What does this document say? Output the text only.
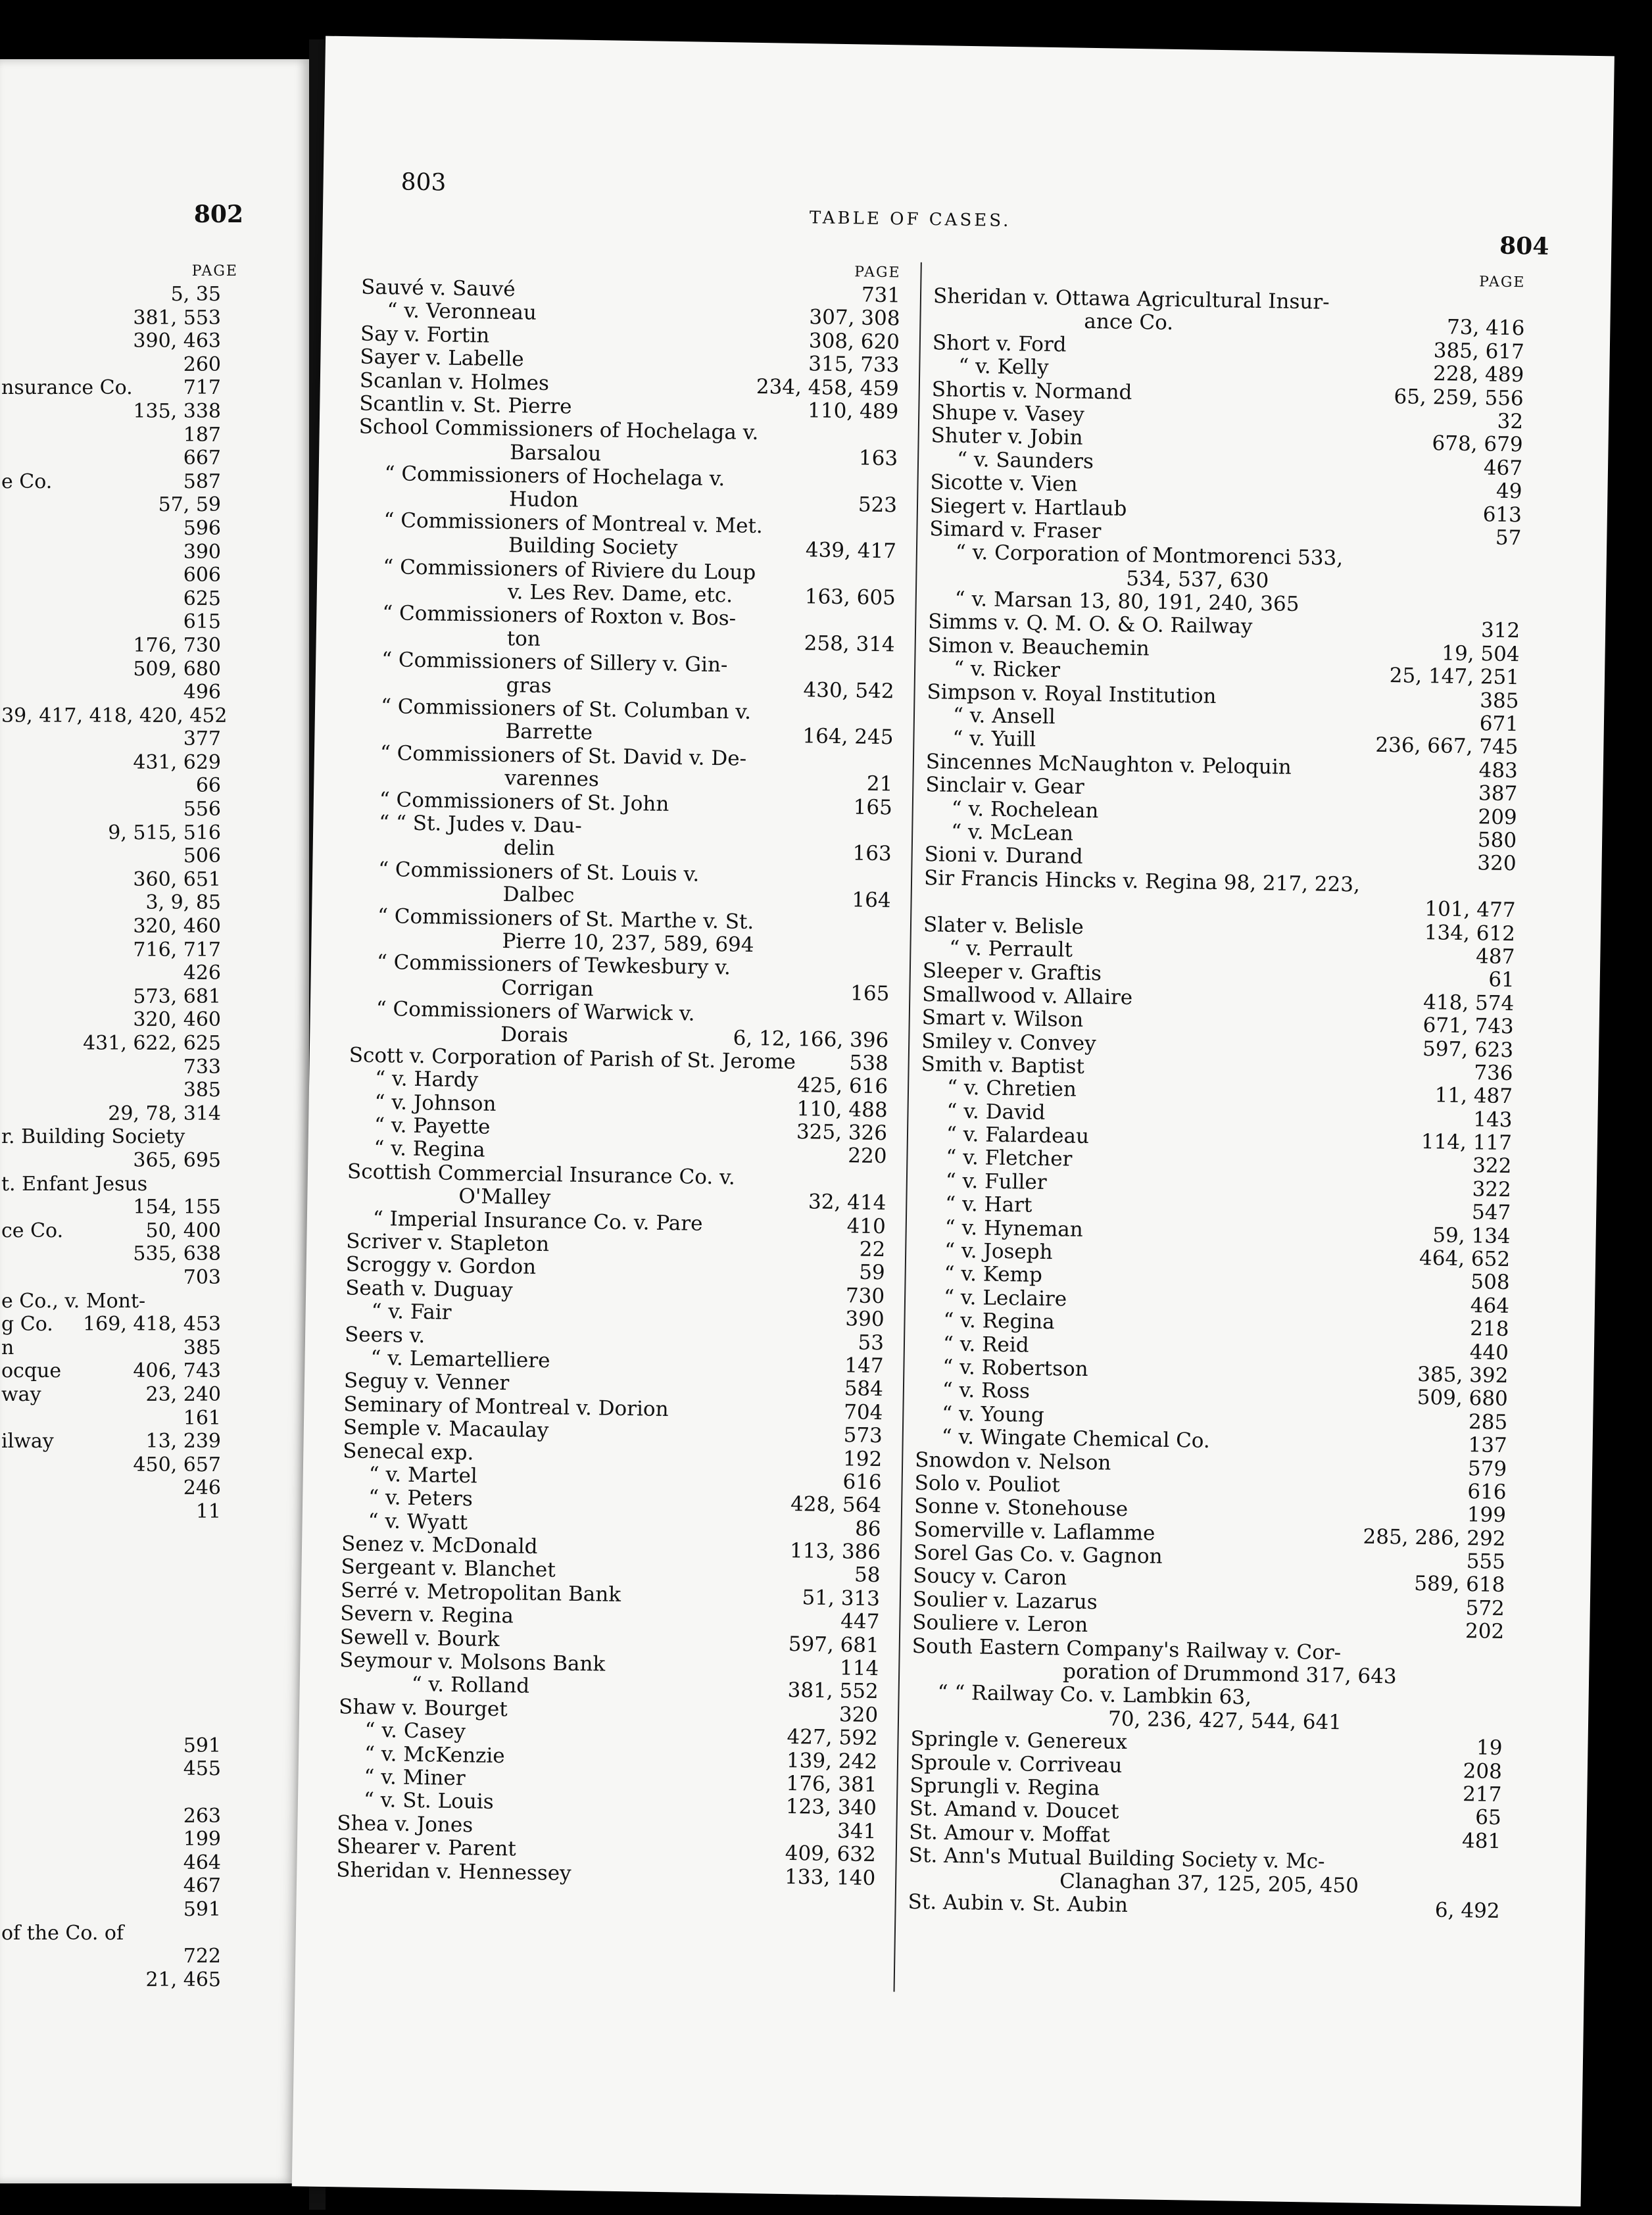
802
PAGE
5, 35
381, 553
390, 463
260
nsurance Co.	717
135, 338
187
667
e Co.	587
57, 59
596
390
606
625
615
176, 730
509, 680
496
39, 417, 418, 420, 452
377
431, 629
66
556
9, 515, 516
506
360, 651
3, 9, 85
320, 460
716, 717
426
573, 681
320, 460
431, 622, 625
733
385
29, 78, 314
r. Building Society
365, 695
t. Enfant Jesus
154, 155
ce Co.	50, 400
535, 638
703
e Co., v. Mont-
g Co. 169, 418, 453
n	385
ocque	406, 743
way	23, 240
161
ilway	13, 239
450, 657
246
11
591
455
263
199
464
467
591
of the Co. of
722
21, 465
803
TABLE OF CASES.
804
PAGE
Sauvé v. Sauvé	731
“ v. Veronneau	307, 308
Say v. Fortin	308, 620
Sayer v. Labelle	315, 733
Scanlan v. Holmes	234, 458, 459
Scantlin v. St. Pierre	110, 489
School Commissioners of Hochelaga v.
Barsalou	163
“ Commissioners of Hochelaga v.
Hudon	523
“ Commissioners of Montreal v. Met.
Building Society	439, 417
“ Commissioners of Riviere du Loup
v. Les Rev. Dame, etc.	163, 605
“ Commissioners of Roxton v. Bos-
ton	258, 314
“ Commissioners of Sillery v. Gin-
gras	430, 542
“ Commissioners of St. Columban v.
Barrette	164, 245
“ Commissioners of St. David v. De-
varennes	21
“ Commissioners of St. John	165
“ “ St. Judes v. Dau-
delin	163
“ Commissioners of St. Louis v.
Dalbec	164
“ Commissioners of St. Marthe v. St.
Pierre 10, 237, 589, 694
“ Commissioners of Tewkesbury v.
Corrigan	165
“ Commissioners of Warwick v.
Dorais	6, 12, 166, 396
Scott v. Corporation of Parish of St. Jerome	538
“ v. Hardy	425, 616
“ v. Johnson	110, 488
“ v. Payette	325, 326
“ v. Regina	220
Scottish Commercial Insurance Co. v.
O'Malley	32, 414
“ Imperial Insurance Co. v. Pare	410
Scriver v. Stapleton	22
Scroggy v. Gordon	59
Seath v. Duguay	730
“ v. Fair	390
Seers v.	53
“ v. Lemartelliere	147
Seguy v. Venner	584
Seminary of Montreal v. Dorion	704
Semple v. Macaulay	573
Senecal exp.	192
“ v. Martel	616
“ v. Peters	428, 564
“ v. Wyatt	86
Senez v. McDonald	113, 386
Sergeant v. Blanchet	58
Serré v. Metropolitan Bank	51, 313
Severn v. Regina	447
Sewell v. Bourk	597, 681
Seymour v. Molsons Bank	114
“ v. Rolland	381, 552
Shaw v. Bourget	320
“ v. Casey	427, 592
“ v. McKenzie	139, 242
“ v. Miner	176, 381
“ v. St. Louis	123, 340
Shea v. Jones	341
Shearer v. Parent	409, 632
Sheridan v. Hennessey	133, 140
PAGE
Sheridan v. Ottawa Agricultural Insur-
ance Co.	73, 416
Short v. Ford	385, 617
“ v. Kelly	228, 489
Shortis v. Normand	65, 259, 556
Shupe v. Vasey	32
Shuter v. Jobin	678, 679
“ v. Saunders	467
Sicotte v. Vien	49
Siegert v. Hartlaub	613
Simard v. Fraser	57
“ v. Corporation of Montmorenci 533,
534, 537, 630
“ v. Marsan 13, 80, 191, 240, 365
Simms v. Q. M. O. & O. Railway	312
Simon v. Beauchemin	19, 504
“ v. Ricker	25, 147, 251
Simpson v. Royal Institution	385
“ v. Ansell	671
“ v. Yuill	236, 667, 745
Sincennes McNaughton v. Peloquin	483
Sinclair v. Gear	387
“ v. Rochelean	209
“ v. McLean	580
Sioni v. Durand	320
Sir Francis Hincks v. Regina 98, 217, 223,
101, 477
Slater v. Belisle	134, 612
“ v. Perrault	487
Sleeper v. Graftis	61
Smallwood v. Allaire	418, 574
Smart v. Wilson	671, 743
Smiley v. Convey	597, 623
Smith v. Baptist	736
“ v. Chretien	11, 487
“ v. David	143
“ v. Falardeau	114, 117
“ v. Fletcher	322
“ v. Fuller	322
“ v. Hart	547
“ v. Hyneman	59, 134
“ v. Joseph	464, 652
“ v. Kemp	508
“ v. Leclaire	464
“ v. Regina	218
“ v. Reid	440
“ v. Robertson	385, 392
“ v. Ross	509, 680
“ v. Young	285
“ v. Wingate Chemical Co.	137
Snowdon v. Nelson	579
Solo v. Pouliot	616
Sonne v. Stonehouse	199
Somerville v. Laflamme	285, 286, 292
Sorel Gas Co. v. Gagnon	555
Soucy v. Caron	589, 618
Soulier v. Lazarus	572
Souliere v. Leron	202
South Eastern Company's Railway v. Cor-
poration of Drummond 317, 643
“ “ Railway Co. v. Lambkin 63,
70, 236, 427, 544, 641
Springle v. Genereux	19
Sproule v. Corriveau	208
Sprungli v. Regina	217
St. Amand v. Doucet	65
St. Amour v. Moffat	481
St. Ann's Mutual Building Society v. Mc-
Clanaghan 37, 125, 205, 450
St. Aubin v. St. Aubin	6, 492
